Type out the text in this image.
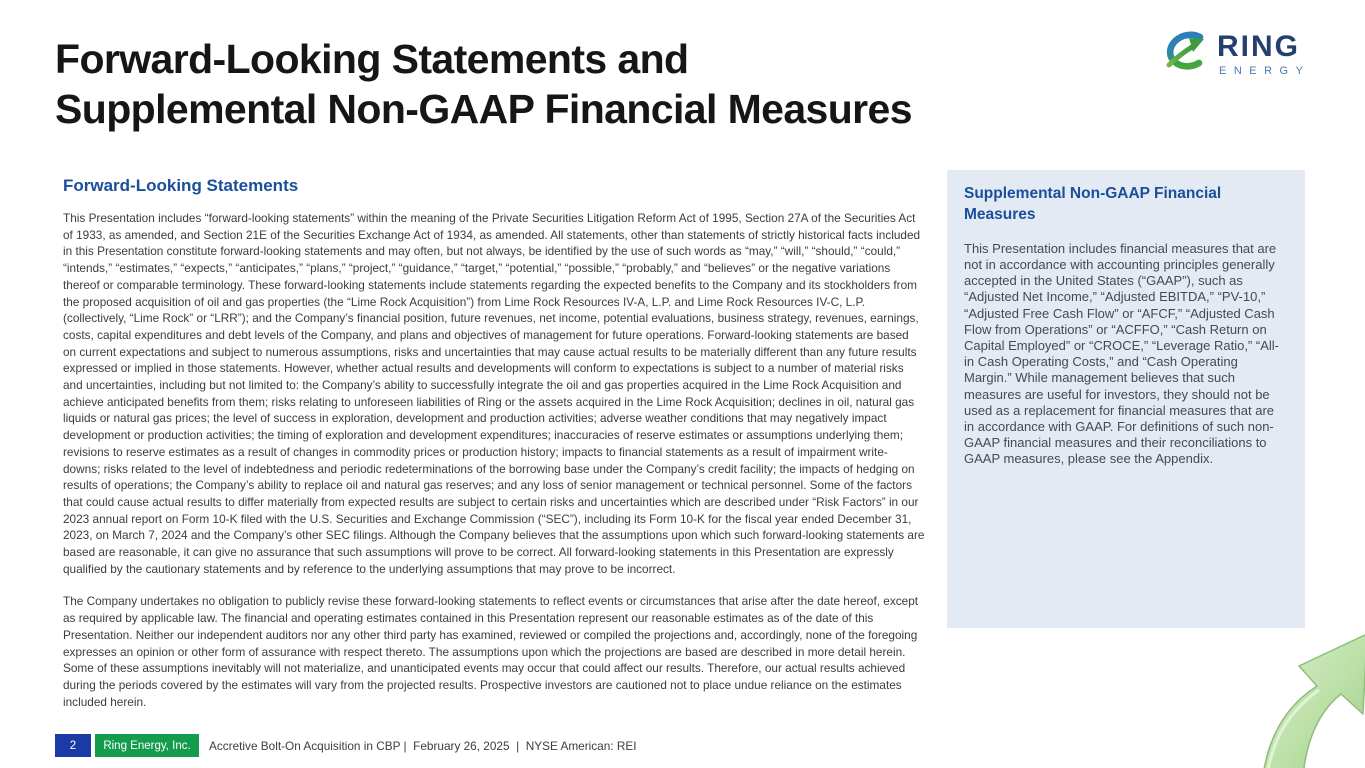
Forward-Looking Statements and
Supplemental Non-GAAP Financial Measures
RING
ENERGY
Forward-Looking Statements

This Presentation includes “forward-looking statements” within the meaning of the Private Securities Litigation Reform Act of 1995, Section 27A of the Securities Act of 1933, as amended, and Section 21E of the Securities Exchange Act of 1934, as amended. All statements, other than statements of strictly historical facts included in this Presentation constitute forward-looking statements and may often, but not always, be identified by the use of such words as “may,” “will,” “should,” “could,” “intends,” “estimates,” “expects,” “anticipates,” “plans,” “project,” “guidance,” “target,” “potential,” “possible,” “probably,” and “believes” or the negative variations thereof or comparable terminology. These forward-looking statements include statements regarding the expected benefits to the Company and its stockholders from the proposed acquisition of oil and gas properties (the “Lime Rock Acquisition”) from Lime Rock Resources IV-A, L.P. and Lime Rock Resources IV-C, L.P. (collectively, “Lime Rock” or “LRR”); and the Company’s financial position, future revenues, net income, potential evaluations, business strategy, revenues, earnings, costs, capital expenditures and debt levels of the Company, and plans and objectives of management for future operations. Forward-looking statements are based on current expectations and subject to numerous assumptions, risks and uncertainties that may cause actual results to be materially different than any future results expressed or implied in those statements. However, whether actual results and developments will conform to expectations is subject to a number of material risks and uncertainties, including but not limited to: the Company’s ability to successfully integrate the oil and gas properties acquired in the Lime Rock Acquisition and achieve anticipated benefits from them; risks relating to unforeseen liabilities of Ring or the assets acquired in the Lime Rock Acquisition; declines in oil, natural gas liquids or natural gas prices; the level of success in exploration, development and production activities; adverse weather conditions that may negatively impact development or production activities; the timing of exploration and development expenditures; inaccuracies of reserve estimates or assumptions underlying them; revisions to reserve estimates as a result of changes in commodity prices or production history; impacts to financial statements as a result of impairment write-downs; risks related to the level of indebtedness and periodic redeterminations of the borrowing base under the Company’s credit facility; the impacts of hedging on results of operations; the Company’s ability to replace oil and natural gas reserves; and any loss of senior management or technical personnel. Some of the factors that could cause actual results to differ materially from expected results are subject to certain risks and uncertainties which are described under “Risk Factors” in our 2023 annual report on Form 10-K filed with the U.S. Securities and Exchange Commission (“SEC”), including its Form 10-K for the fiscal year ended December 31, 2023, on March 7, 2024 and the Company’s other SEC filings. Although the Company believes that the assumptions upon which such forward-looking statements are based are reasonable, it can give no assurance that such assumptions will prove to be correct. All forward-looking statements in this Presentation are expressly qualified by the cautionary statements and by reference to the underlying assumptions that may prove to be incorrect.

The Company undertakes no obligation to publicly revise these forward-looking statements to reflect events or circumstances that arise after the date hereof, except as required by applicable law. The financial and operating estimates contained in this Presentation represent our reasonable estimates as of the date of this Presentation. Neither our independent auditors nor any other third party has examined, reviewed or compiled the projections and, accordingly, none of the foregoing expresses an opinion or other form of assurance with respect thereto. The assumptions upon which the projections are based are described in more detail herein. Some of these assumptions inevitably will not materialize, and unanticipated events may occur that could affect our results. Therefore, our actual results achieved during the periods covered by the estimates will vary from the projected results. Prospective investors are cautioned not to place undue reliance on the estimates included herein.

Supplemental Non-GAAP Financial Measures
This Presentation includes financial measures that are not in accordance with accounting principles generally accepted in the United States (“GAAP”), such as “Adjusted Net Income,” “Adjusted EBITDA,” “PV-10,” “Adjusted Free Cash Flow” or “AFCF,” “Adjusted Cash Flow from Operations” or “ACFFO,” “Cash Return on Capital Employed” or “CROCE,” “Leverage Ratio,” “All-in Cash Operating Costs,” and “Cash Operating Margin.” While management believes that such measures are useful for investors, they should not be used as a replacement for financial measures that are in accordance with GAAP. For definitions of such non-GAAP financial measures and their reconciliations to GAAP measures, please see the Appendix.
2	Ring Energy, Inc.	Accretive Bolt-On Acquisition in CBP |  February 26, 2025  |  NYSE American: REI
